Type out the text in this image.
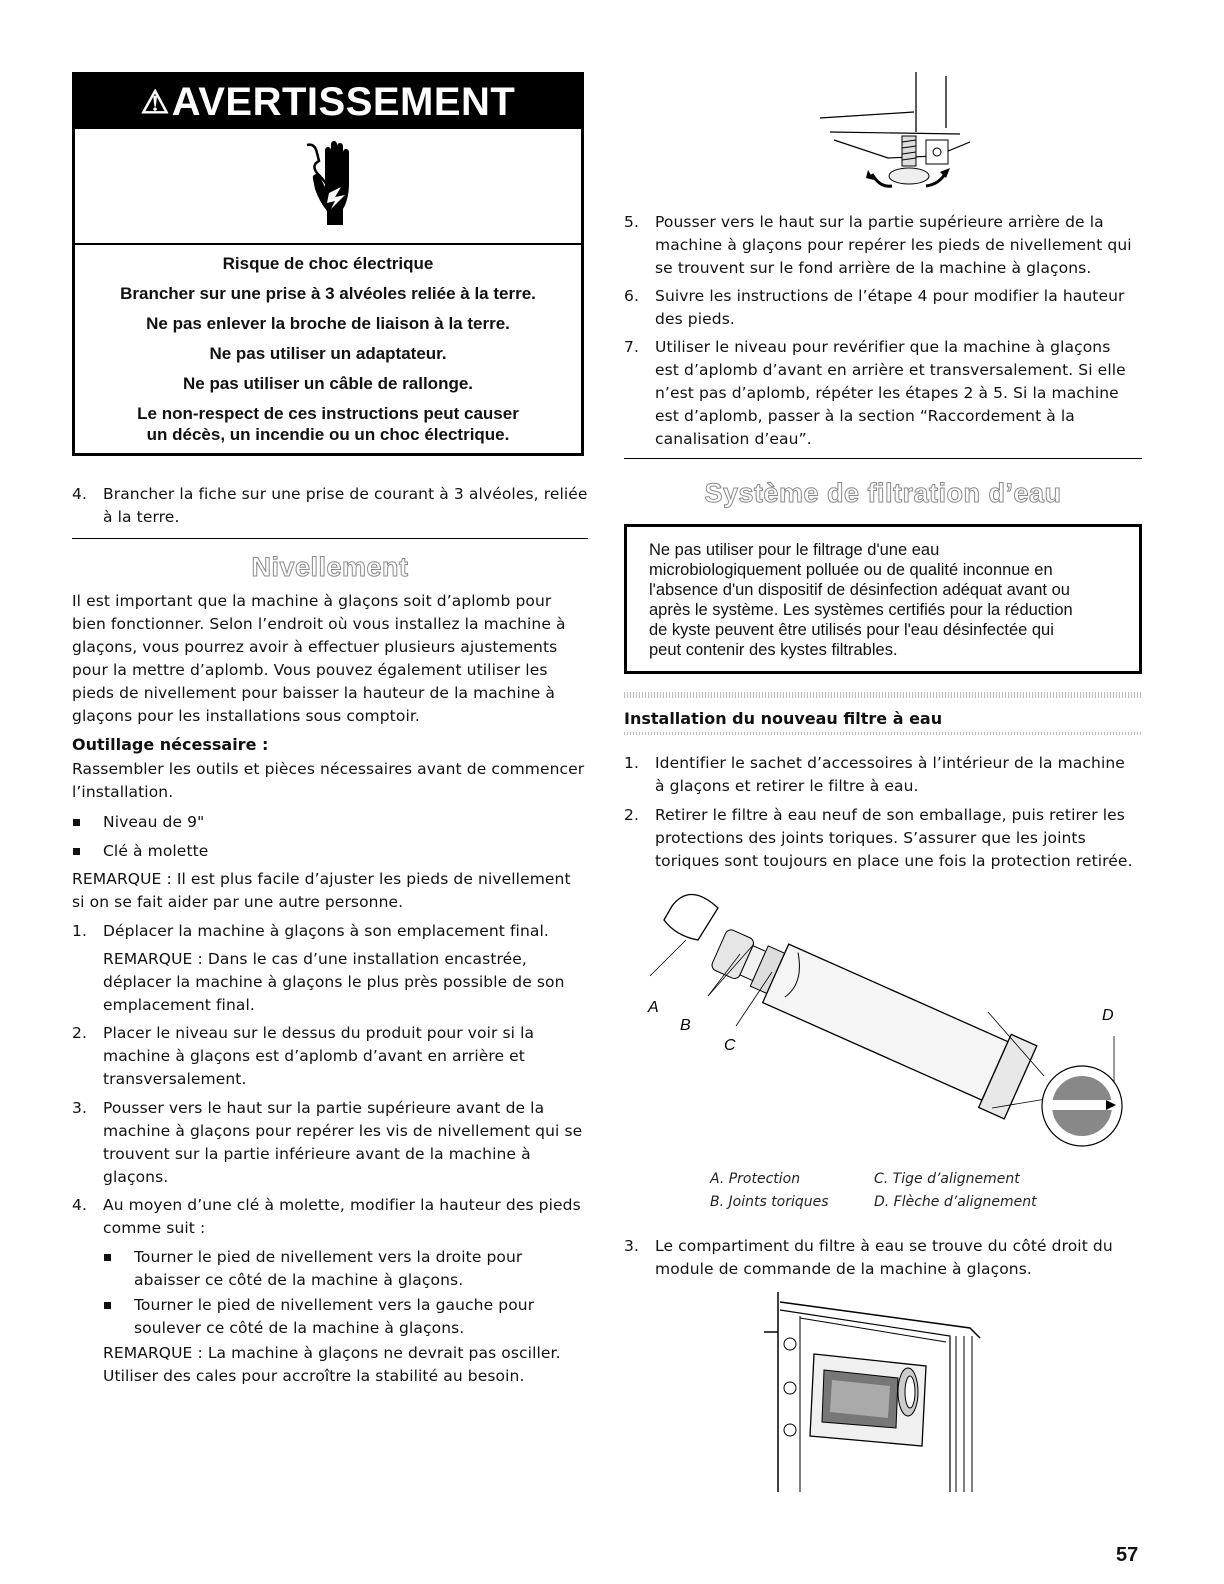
⚠AVERTISSEMENT
Risque de choc électrique
Brancher sur une prise à 3 alvéoles reliée à la terre.
Ne pas enlever la broche de liaison à la terre.
Ne pas utiliser un adaptateur.
Ne pas utiliser un câble de rallonge.
Le non-respect de ces instructions peut causer
un décès, un incendie ou un choc électrique.
4. Brancher la fiche sur une prise de courant à 3 alvéoles, reliée
à la terre.
Nivellement
Il est important que la machine à glaçons soit d’aplomb pour
bien fonctionner. Selon l’endroit où vous installez la machine à
glaçons, vous pourrez avoir à effectuer plusieurs ajustements
pour la mettre d’aplomb. Vous pouvez également utiliser les
pieds de nivellement pour baisser la hauteur de la machine à
glaçons pour les installations sous comptoir.
Outillage nécessaire :
Rassembler les outils et pièces nécessaires avant de commencer
l’installation.
Niveau de 9"
Clé à molette
REMARQUE : Il est plus facile d’ajuster les pieds de nivellement
si on se fait aider par une autre personne.
1. Déplacer la machine à glaçons à son emplacement final.
REMARQUE : Dans le cas d’une installation encastrée,
déplacer la machine à glaçons le plus près possible de son
emplacement final.
2. Placer le niveau sur le dessus du produit pour voir si la
machine à glaçons est d’aplomb d’avant en arrière et
transversalement.
3. Pousser vers le haut sur la partie supérieure avant de la
machine à glaçons pour repérer les vis de nivellement qui se
trouvent sur la partie inférieure avant de la machine à
glaçons.
4. Au moyen d’une clé à molette, modifier la hauteur des pieds
comme suit :
Tourner le pied de nivellement vers la droite pour
abaisser ce côté de la machine à glaçons.
Tourner le pied de nivellement vers la gauche pour
soulever ce côté de la machine à glaçons.
REMARQUE : La machine à glaçons ne devrait pas osciller.
Utiliser des cales pour accroître la stabilité au besoin.
5. Pousser vers le haut sur la partie supérieure arrière de la
machine à glaçons pour repérer les pieds de nivellement qui
se trouvent sur le fond arrière de la machine à glaçons.
6. Suivre les instructions de l’étape 4 pour modifier la hauteur
des pieds.
7. Utiliser le niveau pour revérifier que la machine à glaçons
est d’aplomb d’avant en arrière et transversalement. Si elle
n’est pas d’aplomb, répéter les étapes 2 à 5. Si la machine
est d’aplomb, passer à la section “Raccordement à la
canalisation d’eau”.
Système de filtration d’eau
Ne pas utiliser pour le filtrage d'une eau
microbiologiquement polluée ou de qualité inconnue en
l'absence d'un dispositif de désinfection adéquat avant ou
après le système. Les systèmes certifiés pour la réduction
de kyste peuvent être utilisés pour l'eau désinfectée qui
peut contenir des kystes filtrables.
Installation du nouveau filtre à eau
1. Identifier le sachet d’accessoires à l’intérieur de la machine
à glaçons et retirer le filtre à eau.
2. Retirer le filtre à eau neuf de son emballage, puis retirer les
protections des joints toriques. S’assurer que les joints
toriques sont toujours en place une fois la protection retirée.
A
B
C
D
A. Protection
B. Joints toriques
C. Tige d’alignement
D. Flèche d’alignement
3. Le compartiment du filtre à eau se trouve du côté droit du
module de commande de la machine à glaçons.
57
